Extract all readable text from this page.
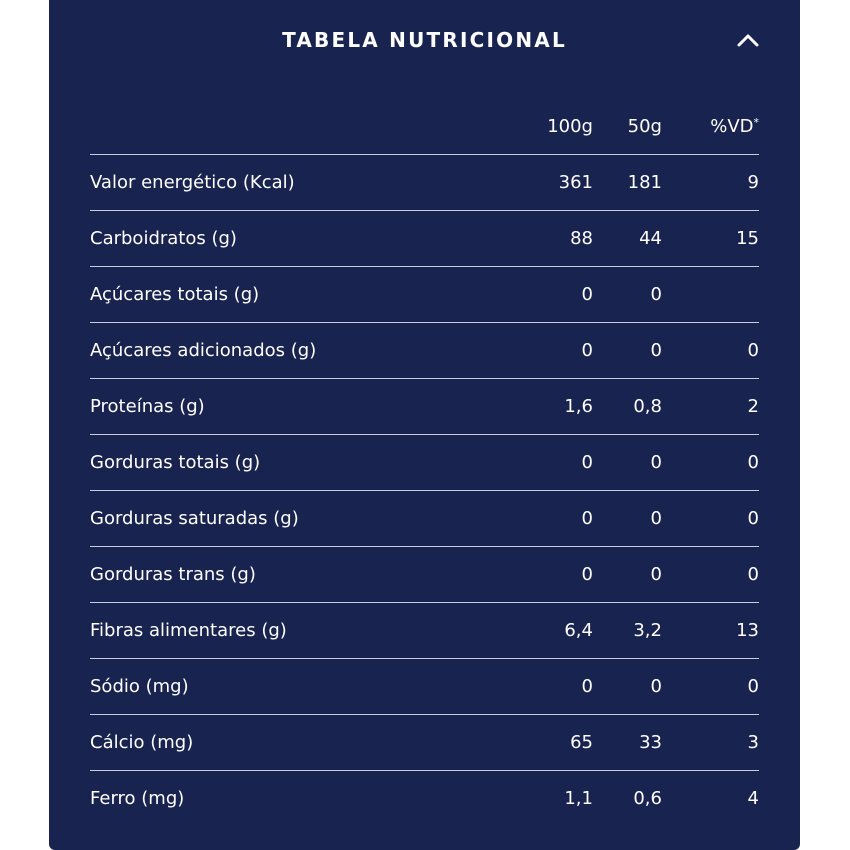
TABELA NUTRICIONAL
100g 50g	%VD*
Valor energético (Kcal)	361 181	9
Carboidratos (g)	88	44	15
Açúcares totais (g)	0	0
Açúcares adicionados (g)	0	0	0
Proteínas (g)	1,6 0,8	2
Gorduras totais (g)	0	0	0
Gorduras saturadas (g)	0	0	0
Gorduras trans (g)	0	0	0
Fibras alimentares (g)	6,4 3,2	13
Sódio (mg)	0	0	0
Cálcio (mg)	65	33	3
Ferro (mg)	1,1 0,6	4
